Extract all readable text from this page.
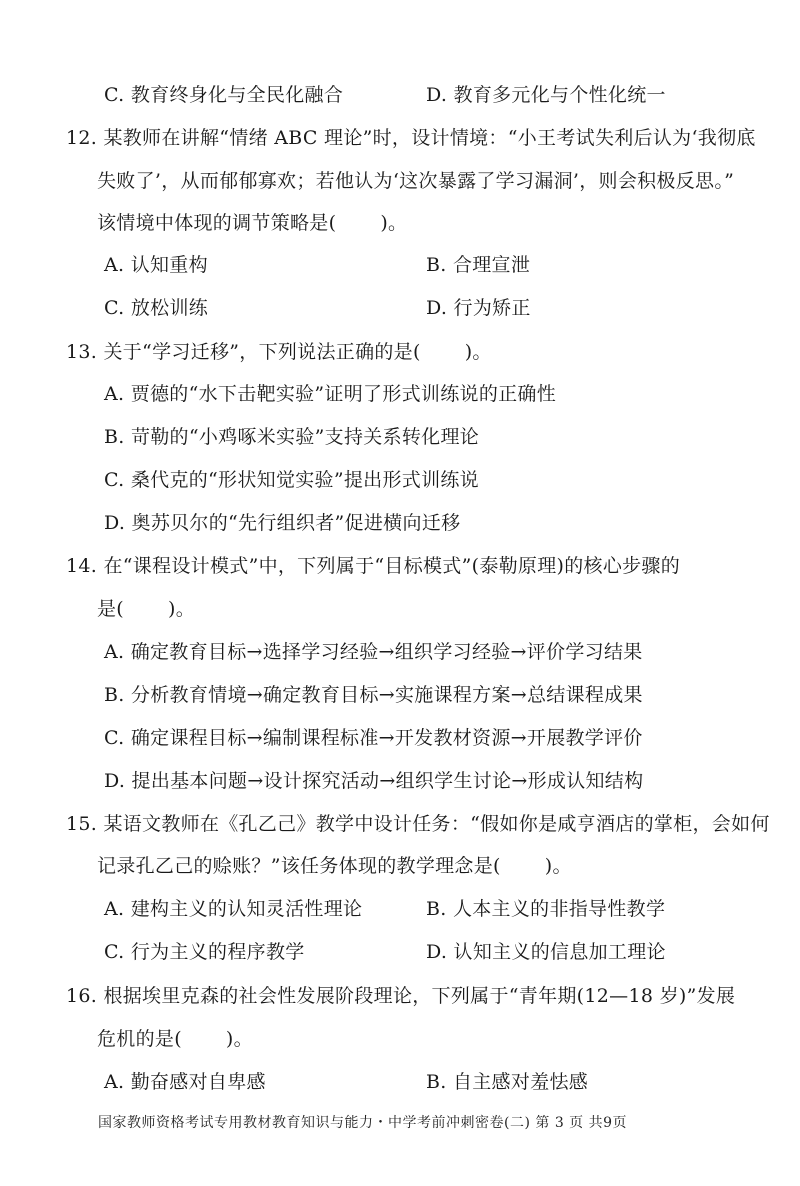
C. 教育终身化与全民化融合	D. 教育多元化与个性化统一
12. 某教师在讲解“情绪 ABC 理论”时，设计情境：“小王考试失利后认为‘我彻底
失败了’，从而郁郁寡欢；若他认为‘这次暴露了学习漏洞’，则会积极反思。”
该情境中体现的调节策略是( )。
A. 认知重构	B. 合理宣泄
C. 放松训练	D. 行为矫正
13. 关于“学习迁移”，下列说法正确的是( )。
A. 贾德的“水下击靶实验”证明了形式训练说的正确性
B. 苛勒的“小鸡啄米实验”支持关系转化理论
C. 桑代克的“形状知觉实验”提出形式训练说
D. 奥苏贝尔的“先行组织者”促进横向迁移
14. 在“课程设计模式”中，下列属于“目标模式”(泰勒原理)的核心步骤的
是( )。
A. 确定教育目标→选择学习经验→组织学习经验→评价学习结果
B. 分析教育情境→确定教育目标→实施课程方案→总结课程成果
C. 确定课程目标→编制课程标准→开发教材资源→开展教学评价
D. 提出基本问题→设计探究活动→组织学生讨论→形成认知结构
15. 某语文教师在《孔乙己》教学中设计任务：“假如你是咸亨酒店的掌柜，会如何
记录孔乙己的赊账？”该任务体现的教学理念是( )。
A. 建构主义的认知灵活性理论	B. 人本主义的非指导性教学
C. 行为主义的程序教学	D. 认知主义的信息加工理论
16. 根据埃里克森的社会性发展阶段理论，下列属于“青年期(12—18 岁)”发展
危机的是( )。
A. 勤奋感对自卑感	B. 自主感对羞怯感
国家教师资格考试专用教材教育知识与能力・中学考前冲刺密卷(二) 第 3 页 共9页
